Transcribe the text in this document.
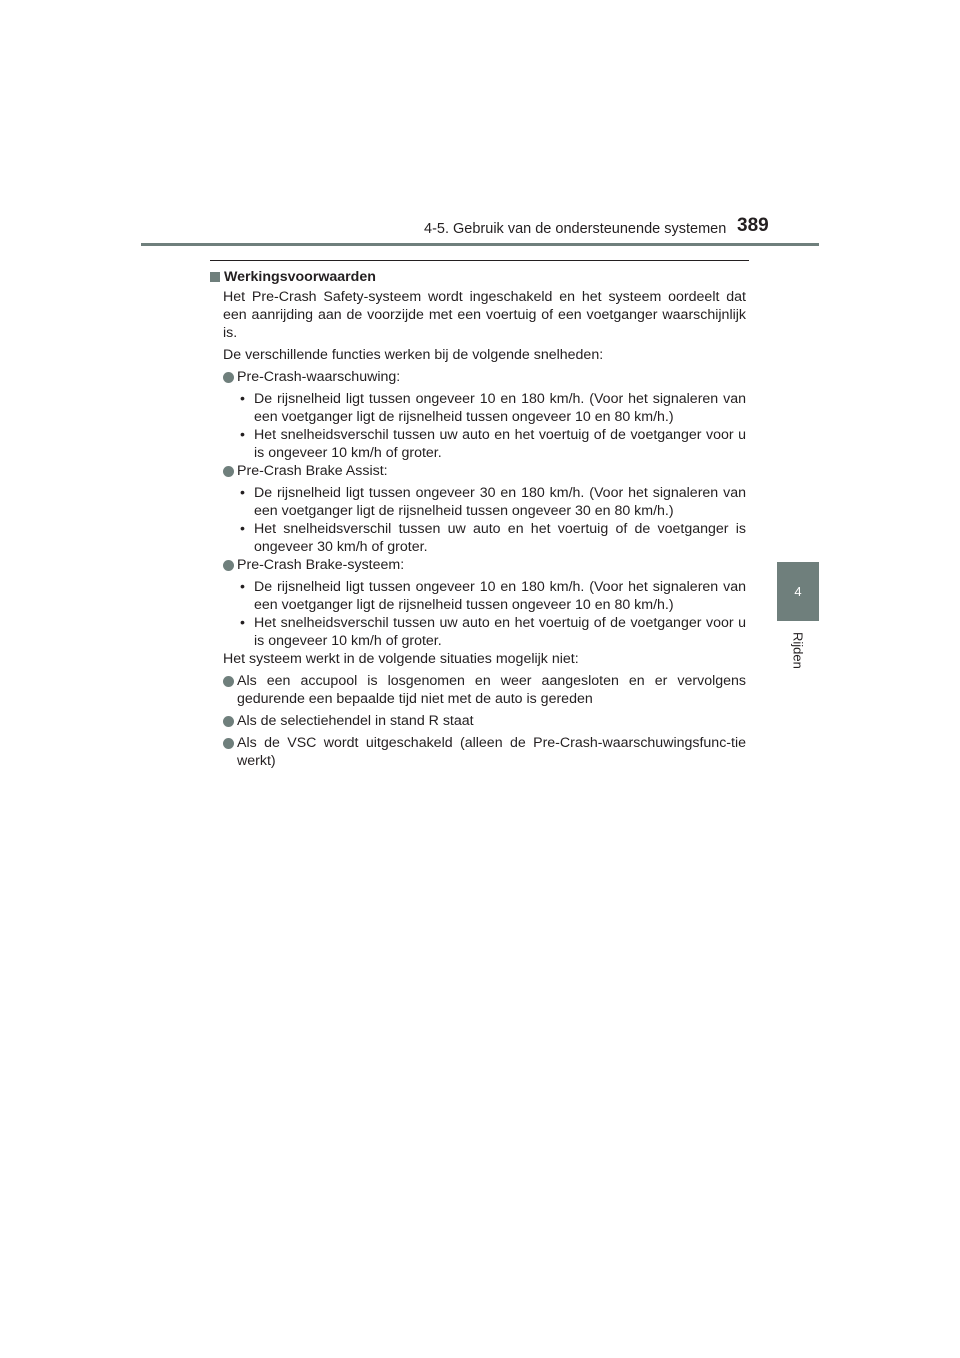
4-5. Gebruik van de ondersteunende systemen 389
4
Rijden
Werkingsvoorwaarden
Het Pre-Crash Safety-systeem wordt ingeschakeld en het systeem oordeelt dat een aanrijding aan de voorzijde met een voertuig of een voetganger waarschijnlijk is.
De verschillende functies werken bij de volgende snelheden:
Pre-Crash-waarschuwing:
• De rijsnelheid ligt tussen ongeveer 10 en 180 km/h. (Voor het signaleren van een voetganger ligt de rijsnelheid tussen ongeveer 10 en 80 km/h.)
• Het snelheidsverschil tussen uw auto en het voertuig of de voetganger voor u is ongeveer 10 km/h of groter.
Pre-Crash Brake Assist:
• De rijsnelheid ligt tussen ongeveer 30 en 180 km/h. (Voor het signaleren van een voetganger ligt de rijsnelheid tussen ongeveer 30 en 80 km/h.)
• Het snelheidsverschil tussen uw auto en het voertuig of de voetganger is ongeveer 30 km/h of groter.
Pre-Crash Brake-systeem:
• De rijsnelheid ligt tussen ongeveer 10 en 180 km/h. (Voor het signaleren van een voetganger ligt de rijsnelheid tussen ongeveer 10 en 80 km/h.)
• Het snelheidsverschil tussen uw auto en het voertuig of de voetganger voor u is ongeveer 10 km/h of groter.
Het systeem werkt in de volgende situaties mogelijk niet:
Als een accupool is losgenomen en weer aangesloten en er vervolgens gedurende een bepaalde tijd niet met de auto is gereden
Als de selectiehendel in stand R staat
Als de VSC wordt uitgeschakeld (alleen de Pre-Crash-waarschuwingsfunc-tie werkt)
